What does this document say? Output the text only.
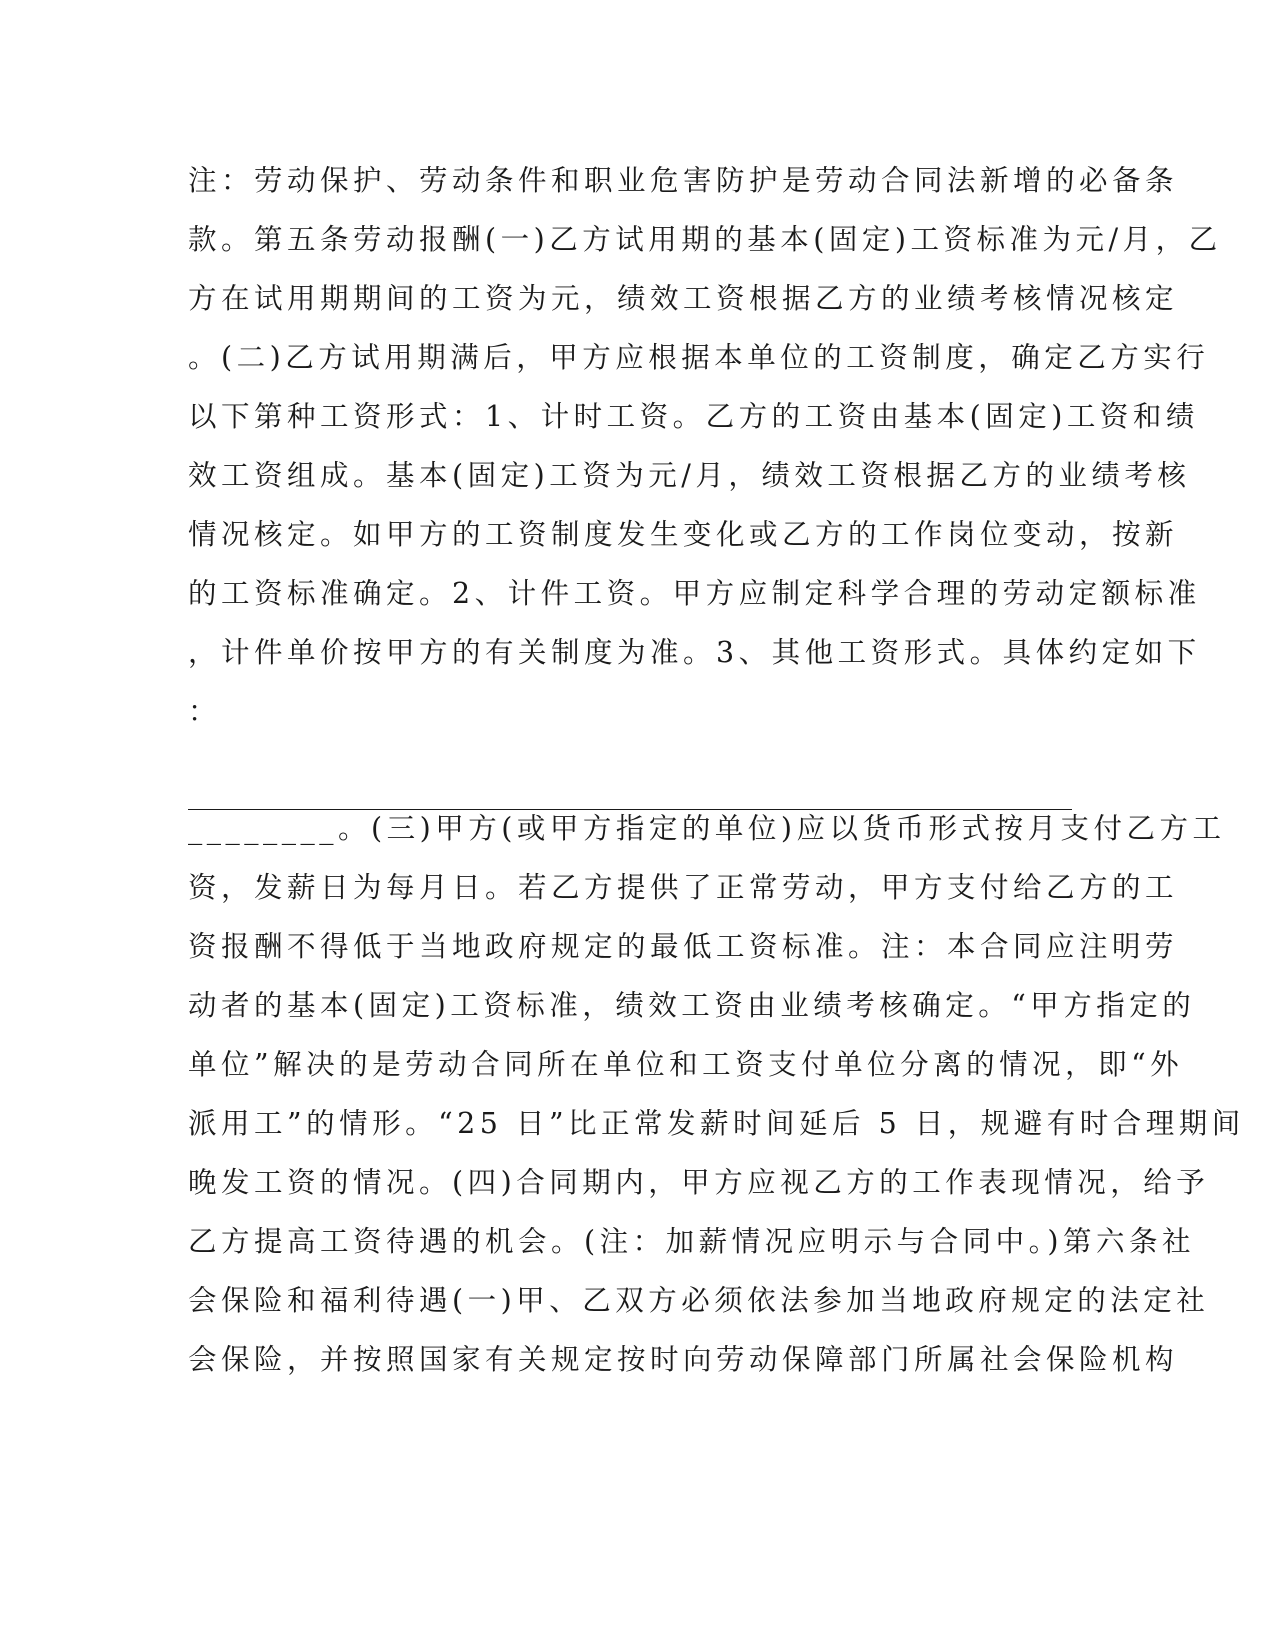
注：劳动保护、劳动条件和职业危害防护是劳动合同法新增的必备条
款。第五条劳动报酬(一)乙方试用期的基本(固定)工资标准为元/月，乙
方在试用期期间的工资为元，绩效工资根据乙方的业绩考核情况核定
。(二)乙方试用期满后，甲方应根据本单位的工资制度，确定乙方实行
以下第种工资形式：1、计时工资。乙方的工资由基本(固定)工资和绩
效工资组成。基本(固定)工资为元/月，绩效工资根据乙方的业绩考核
情况核定。如甲方的工资制度发生变化或乙方的工作岗位变动，按新
的工资标准确定。2、计件工资。甲方应制定科学合理的劳动定额标准
，计件单价按甲方的有关制度为准。3、其他工资形式。具体约定如下
：
________。(三)甲方(或甲方指定的单位)应以货币形式按月支付乙方工
资，发薪日为每月日。若乙方提供了正常劳动，甲方支付给乙方的工
资报酬不得低于当地政府规定的最低工资标准。注：本合同应注明劳
动者的基本(固定)工资标准，绩效工资由业绩考核确定。“甲方指定的
单位”解决的是劳动合同所在单位和工资支付单位分离的情况，即“外
派用工”的情形。“25 日”比正常发薪时间延后 5 日，规避有时合理期间
晚发工资的情况。(四)合同期内，甲方应视乙方的工作表现情况，给予
乙方提高工资待遇的机会。(注：加薪情况应明示与合同中。)第六条社
会保险和福利待遇(一)甲、乙双方必须依法参加当地政府规定的法定社
会保险，并按照国家有关规定按时向劳动保障部门所属社会保险机构
